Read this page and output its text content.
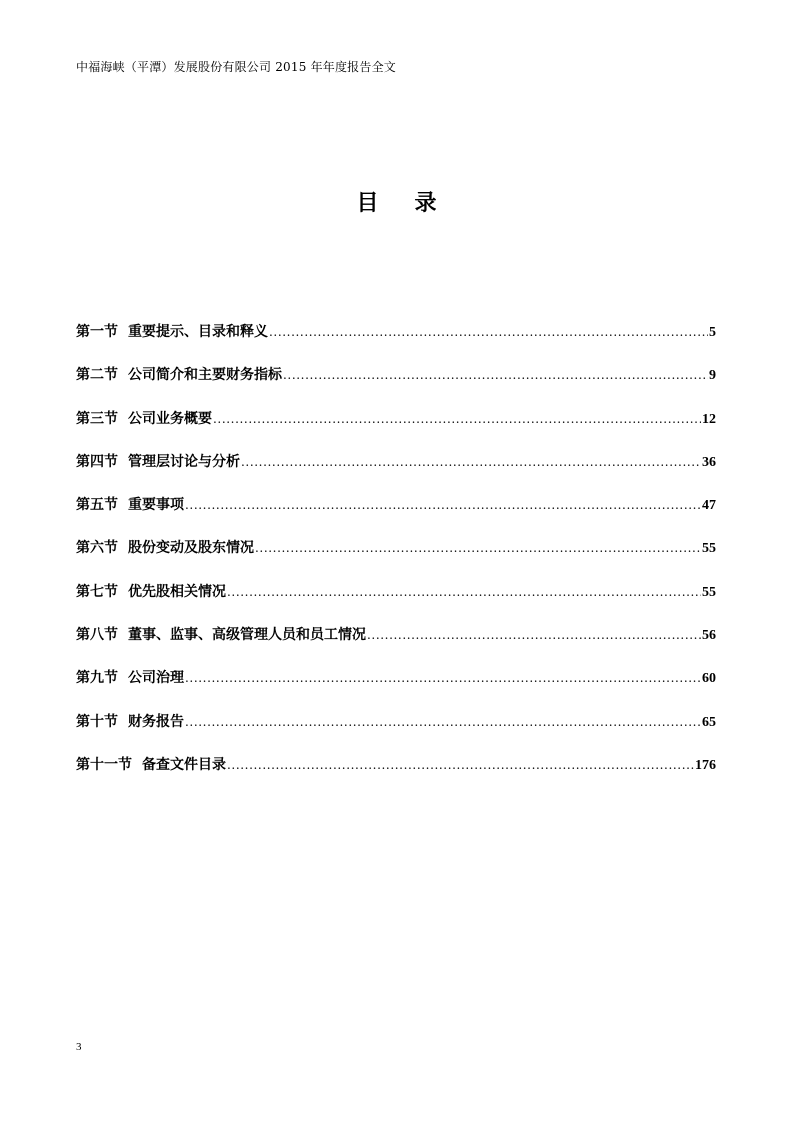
中福海峡（平潭）发展股份有限公司 2015 年年度报告全文
目 录
第一节 重要提示、目录和释义 .....	5
第二节 公司简介和主要财务指标 .....	9
第三节 公司业务概要 .....	12
第四节 管理层讨论与分析 .....	36
第五节 重要事项 .....	47
第六节 股份变动及股东情况 .....	55
第七节 优先股相关情况 .....	55
第八节 董事、监事、高级管理人员和员工情况 .....	56
第九节 公司治理 .....	60
第十节 财务报告 .....	65
第十一节 备查文件目录 .....	176
3
